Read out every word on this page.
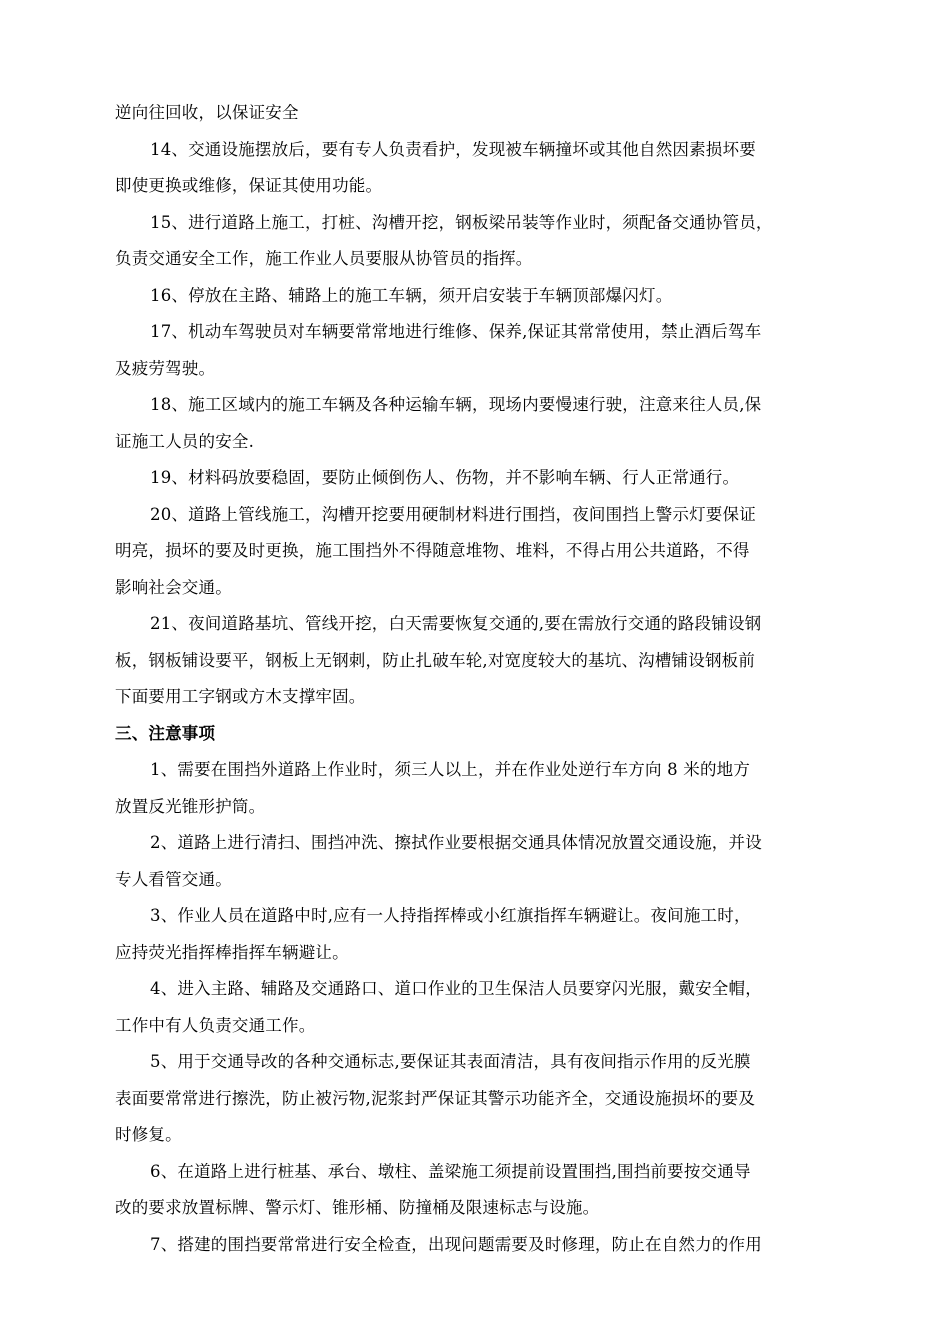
逆向往回收，以保证安全
14、交通设施摆放后，要有专人负责看护，发现被车辆撞坏或其他自然因素损坏要
即使更换或维修，保证其使用功能。
15、进行道路上施工，打桩、沟槽开挖，钢板梁吊装等作业时，须配备交通协管员，
负责交通安全工作，施工作业人员要服从协管员的指挥。
16、停放在主路、辅路上的施工车辆，须开启安装于车辆顶部爆闪灯。
17、机动车驾驶员对车辆要常常地进行维修、保养,保证其常常使用，禁止酒后驾车
及疲劳驾驶。
18、施工区域内的施工车辆及各种运输车辆，现场内要慢速行驶，注意来往人员,保
证施工人员的安全.
19、材料码放要稳固，要防止倾倒伤人、伤物，并不影响车辆、行人正常通行。
20、道路上管线施工，沟槽开挖要用硬制材料进行围挡，夜间围挡上警示灯要保证
明亮，损坏的要及时更换，施工围挡外不得随意堆物、堆料，不得占用公共道路，不得
影响社会交通。
21、夜间道路基坑、管线开挖，白天需要恢复交通的,要在需放行交通的路段铺设钢
板，钢板铺设要平，钢板上无钢刺，防止扎破车轮,对宽度较大的基坑、沟槽铺设钢板前
下面要用工字钢或方木支撑牢固。
三、注意事项
1、需要在围挡外道路上作业时，须三人以上，并在作业处逆行车方向 8 米的地方
放置反光锥形护筒。
2、道路上进行清扫、围挡冲洗、擦拭作业要根据交通具体情况放置交通设施，并设
专人看管交通。
3、作业人员在道路中时,应有一人持指挥棒或小红旗指挥车辆避让。夜间施工时，
应持荧光指挥棒指挥车辆避让。
4、进入主路、辅路及交通路口、道口作业的卫生保洁人员要穿闪光服，戴安全帽，
工作中有人负责交通工作。
5、用于交通导改的各种交通标志,要保证其表面清洁，具有夜间指示作用的反光膜
表面要常常进行擦洗，防止被污物,泥浆封严保证其警示功能齐全，交通设施损坏的要及
时修复。
6、在道路上进行桩基、承台、墩柱、盖梁施工须提前设置围挡,围挡前要按交通导
改的要求放置标牌、警示灯、锥形桶、防撞桶及限速标志与设施。
7、搭建的围挡要常常进行安全检查，出现问题需要及时修理，防止在自然力的作用
